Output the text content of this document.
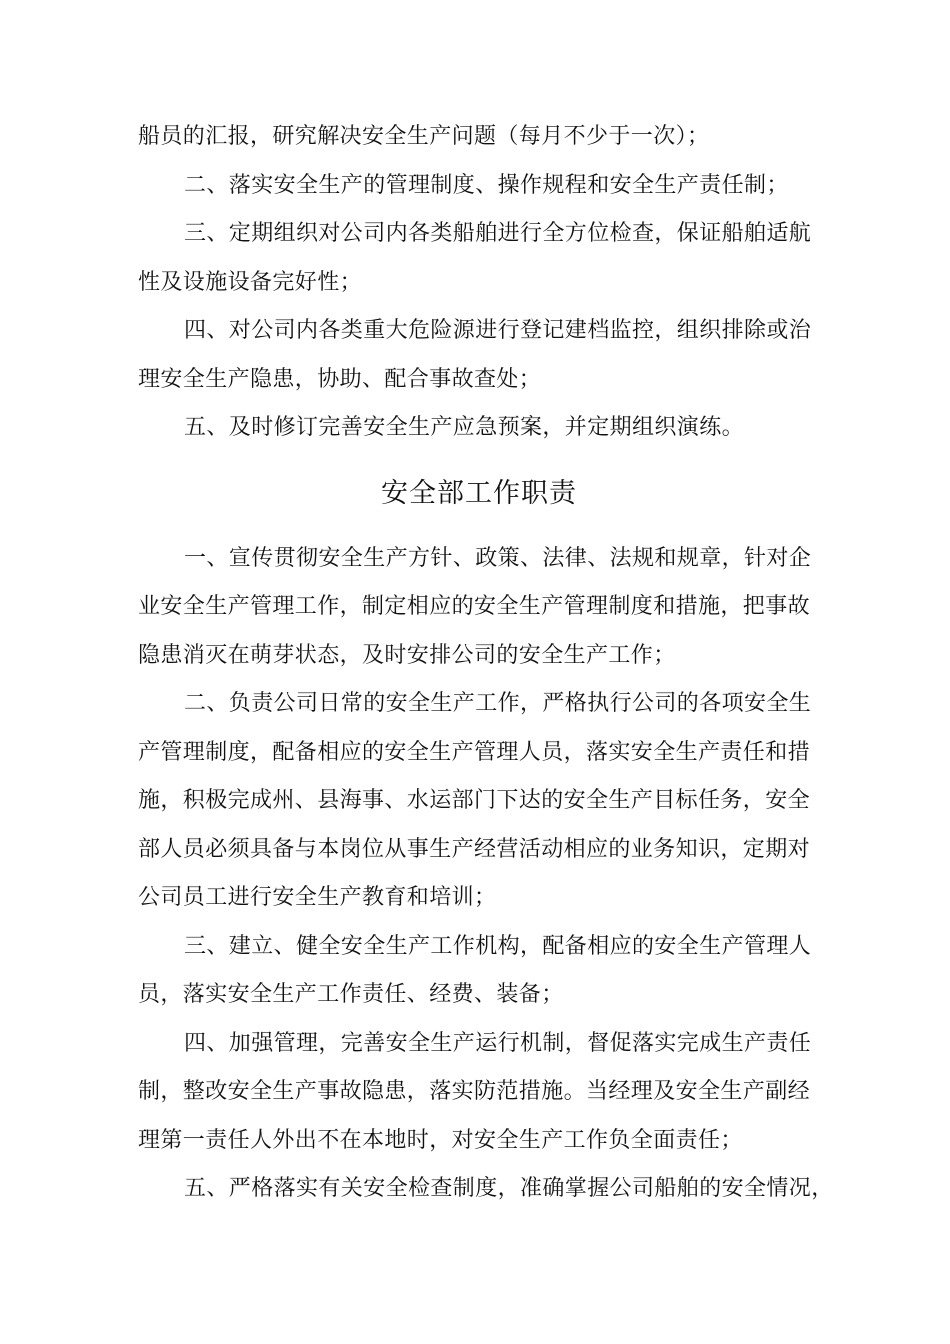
船员的汇报，研究解决安全生产问题（每月不少于一次）；
二、落实安全生产的管理制度、操作规程和安全生产责任制；
三、定期组织对公司内各类船舶进行全方位检查，保证船舶适航
性及设施设备完好性；
四、对公司内各类重大危险源进行登记建档监控，组织排除或治
理安全生产隐患，协助、配合事故查处；
五、及时修订完善安全生产应急预案，并定期组织演练。

安全部工作职责

一、宣传贯彻安全生产方针、政策、法律、法规和规章，针对企
业安全生产管理工作，制定相应的安全生产管理制度和措施，把事故
隐患消灭在萌芽状态，及时安排公司的安全生产工作；
二、负责公司日常的安全生产工作，严格执行公司的各项安全生
产管理制度，配备相应的安全生产管理人员，落实安全生产责任和措
施，积极完成州、县海事、水运部门下达的安全生产目标任务，安全
部人员必须具备与本岗位从事生产经营活动相应的业务知识，定期对
公司员工进行安全生产教育和培训；
三、建立、健全安全生产工作机构，配备相应的安全生产管理人
员，落实安全生产工作责任、经费、装备；
四、加强管理，完善安全生产运行机制，督促落实完成生产责任
制，整改安全生产事故隐患，落实防范措施。当经理及安全生产副经
理第一责任人外出不在本地时，对安全生产工作负全面责任；
五、严格落实有关安全检查制度，准确掌握公司船舶的安全情况，
